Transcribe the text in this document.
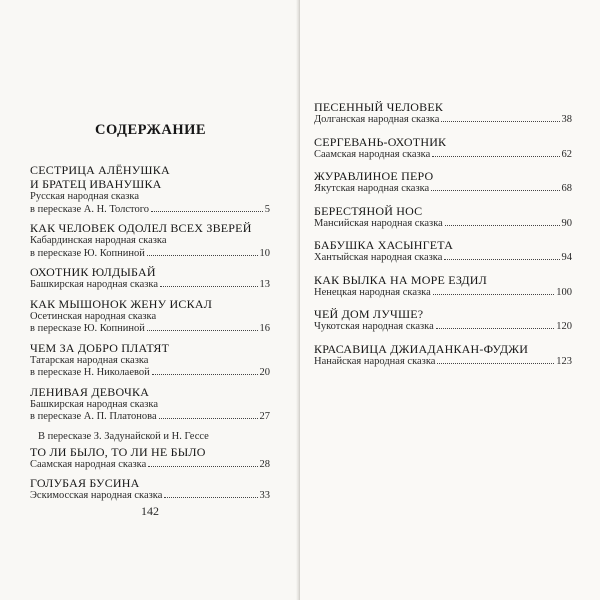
СОДЕРЖАНИЕ
СЕСТРИЦА АЛЁНУШКА
И БРАТЕЦ ИВАНУШКА
Русская народная сказка
в пересказе А. Н. Толстого	5
КАК ЧЕЛОВЕК ОДОЛЕЛ ВСЕХ ЗВЕРЕЙ
Кабардинская народная сказка
в пересказе Ю. Копниной	10
ОХОТНИК ЮЛДЫБАЙ
Башкирская народная сказка	13
КАК МЫШОНОК ЖЕНУ ИСКАЛ
Осетинская народная сказка
в пересказе Ю. Копниной	16
ЧЕМ ЗА ДОБРО ПЛАТЯТ
Татарская народная сказка
в пересказе Н. Николаевой	20
ЛЕНИВАЯ ДЕВОЧКА
Башкирская народная сказка
в пересказе А. П. Платонова	27
В пересказе З. Задунайской и Н. Гессе
ТО ЛИ БЫЛО, ТО ЛИ НЕ БЫЛО
Саамская народная сказка	28
ГОЛУБАЯ БУСИНА
Эскимосская народная сказка	33
142
ПЕСЕННЫЙ ЧЕЛОВЕК
Долганская народная сказка	38
СЕРГЕВАНЬ-ОХОТНИК
Саамская народная сказка	62
ЖУРАВЛИНОЕ ПЕРО
Якутская народная сказка	68
БЕРЕСТЯНОЙ НОС
Мансийская народная сказка	90
БАБУШКА ХАСЫНГЕТА
Хантыйская народная сказка	94
КАК ВЫЛКА НА МОРЕ ЕЗДИЛ
Ненецкая народная сказка	100
ЧЕЙ ДОМ ЛУЧШЕ?
Чукотская народная сказка	120
КРАСАВИЦА ДЖИАДАНКАН-ФУДЖИ
Нанайская народная сказка	123
